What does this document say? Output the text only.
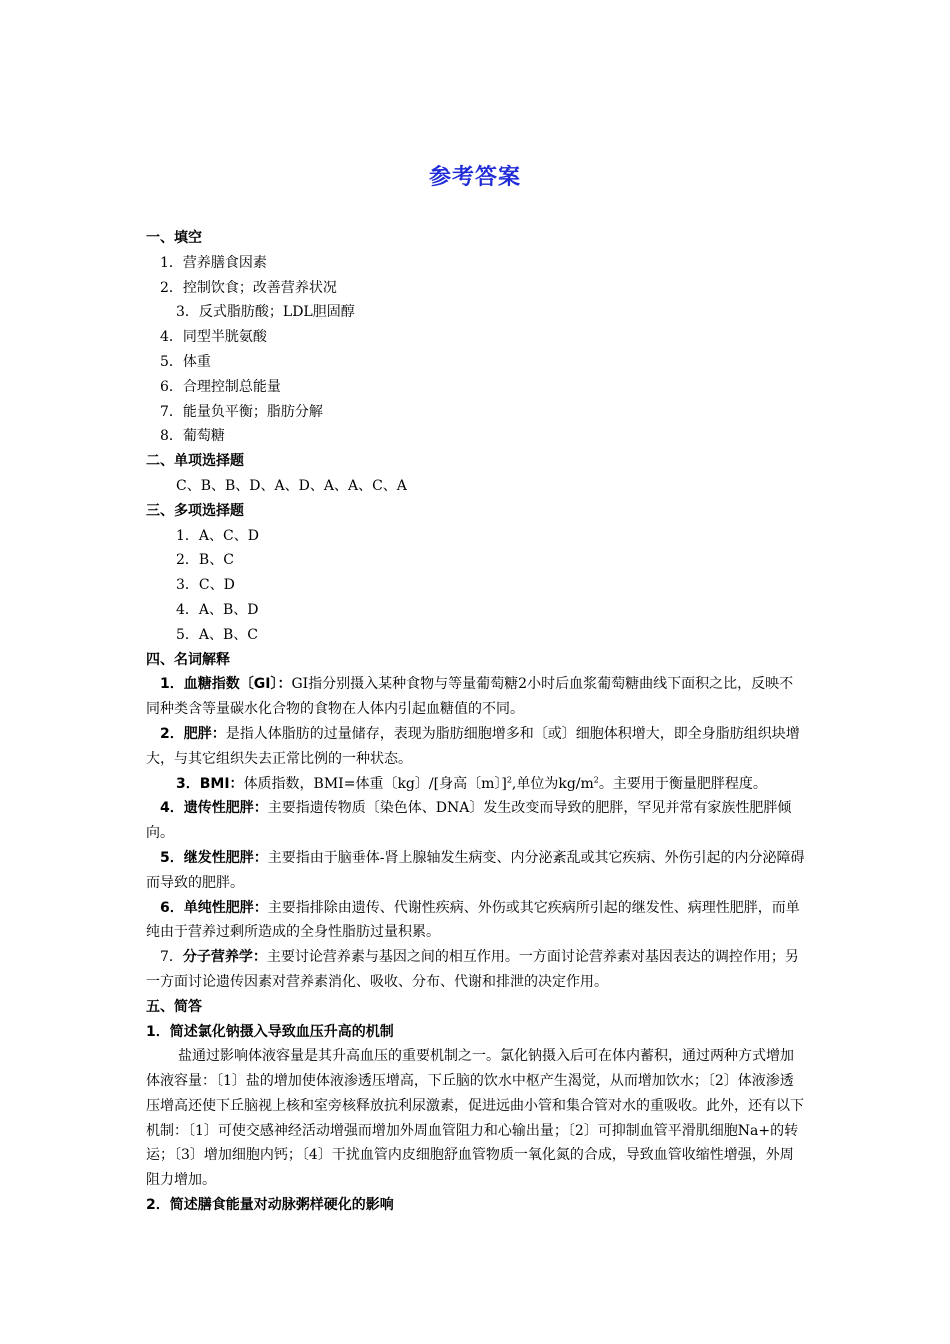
参考答案
一、填空
1．营养膳食因素
2．控制饮食；改善营养状况
3．反式脂肪酸；LDL胆固醇
4．同型半胱氨酸
5．体重
6．合理控制总能量
7．能量负平衡；脂肪分解
8．葡萄糖
二、单项选择题
C、B、B、D、A、D、A、A、C、A
三、多项选择题
1．A、C、D
2．B、C
3．C、D
4．A、B、D
5．A、B、C
四、名词解释
1．血糖指数〔GI〕：GI指分别摄入某种食物与等量葡萄糖2小时后血浆葡萄糖曲线下面积之比，反映不同种类含等量碳水化合物的食物在人体内引起血糖值的不同。
2．肥胖：是指人体脂肪的过量储存，表现为脂肪细胞增多和〔或〕细胞体积增大，即全身脂肪组织块增大，与其它组织失去正常比例的一种状态。
3．BMI：体质指数，BMI=体重〔kg〕/[身高〔m〕]$^2$,单位为$kg/m^2$。主要用于衡量肥胖程度。
4．遗传性肥胖：主要指遗传物质〔染色体、DNA〕发生改变而导致的肥胖，罕见并常有家族性肥胖倾向。
5．继发性肥胖：主要指由于脑垂体-肾上腺轴发生病变、内分泌紊乱或其它疾病、外伤引起的内分泌障碍而导致的肥胖。
6．单纯性肥胖：主要指排除由遗传、代谢性疾病、外伤或其它疾病所引起的继发性、病理性肥胖，而单纯由于营养过剩所造成的全身性脂肪过量积累。
7．分子营养学：主要讨论营养素与基因之间的相互作用。一方面讨论营养素对基因表达的调控作用；另一方面讨论遗传因素对营养素消化、吸收、分布、代谢和排泄的决定作用。
五、简答
1．简述氯化钠摄入导致血压升高的机制
盐通过影响体液容量是其升高血压的重要机制之一。氯化钠摄入后可在体内蓄积，通过两种方式增加体液容量：〔1〕盐的增加使体液渗透压增高，下丘脑的饮水中枢产生渴觉，从而增加饮水；〔2〕体液渗透压增高还使下丘脑视上核和室旁核释放抗利尿激素，促进远曲小管和集合管对水的重吸收。此外，还有以下机制：〔1〕可使交感神经活动增强而增加外周血管阻力和心输出量；〔2〕可抑制血管平滑肌细胞Na+的转运；〔3〕增加细胞内钙；〔4〕干扰血管内皮细胞舒血管物质一氧化氮的合成，导致血管收缩性增强，外周阻力增加。
2．简述膳食能量对动脉粥样硬化的影响
